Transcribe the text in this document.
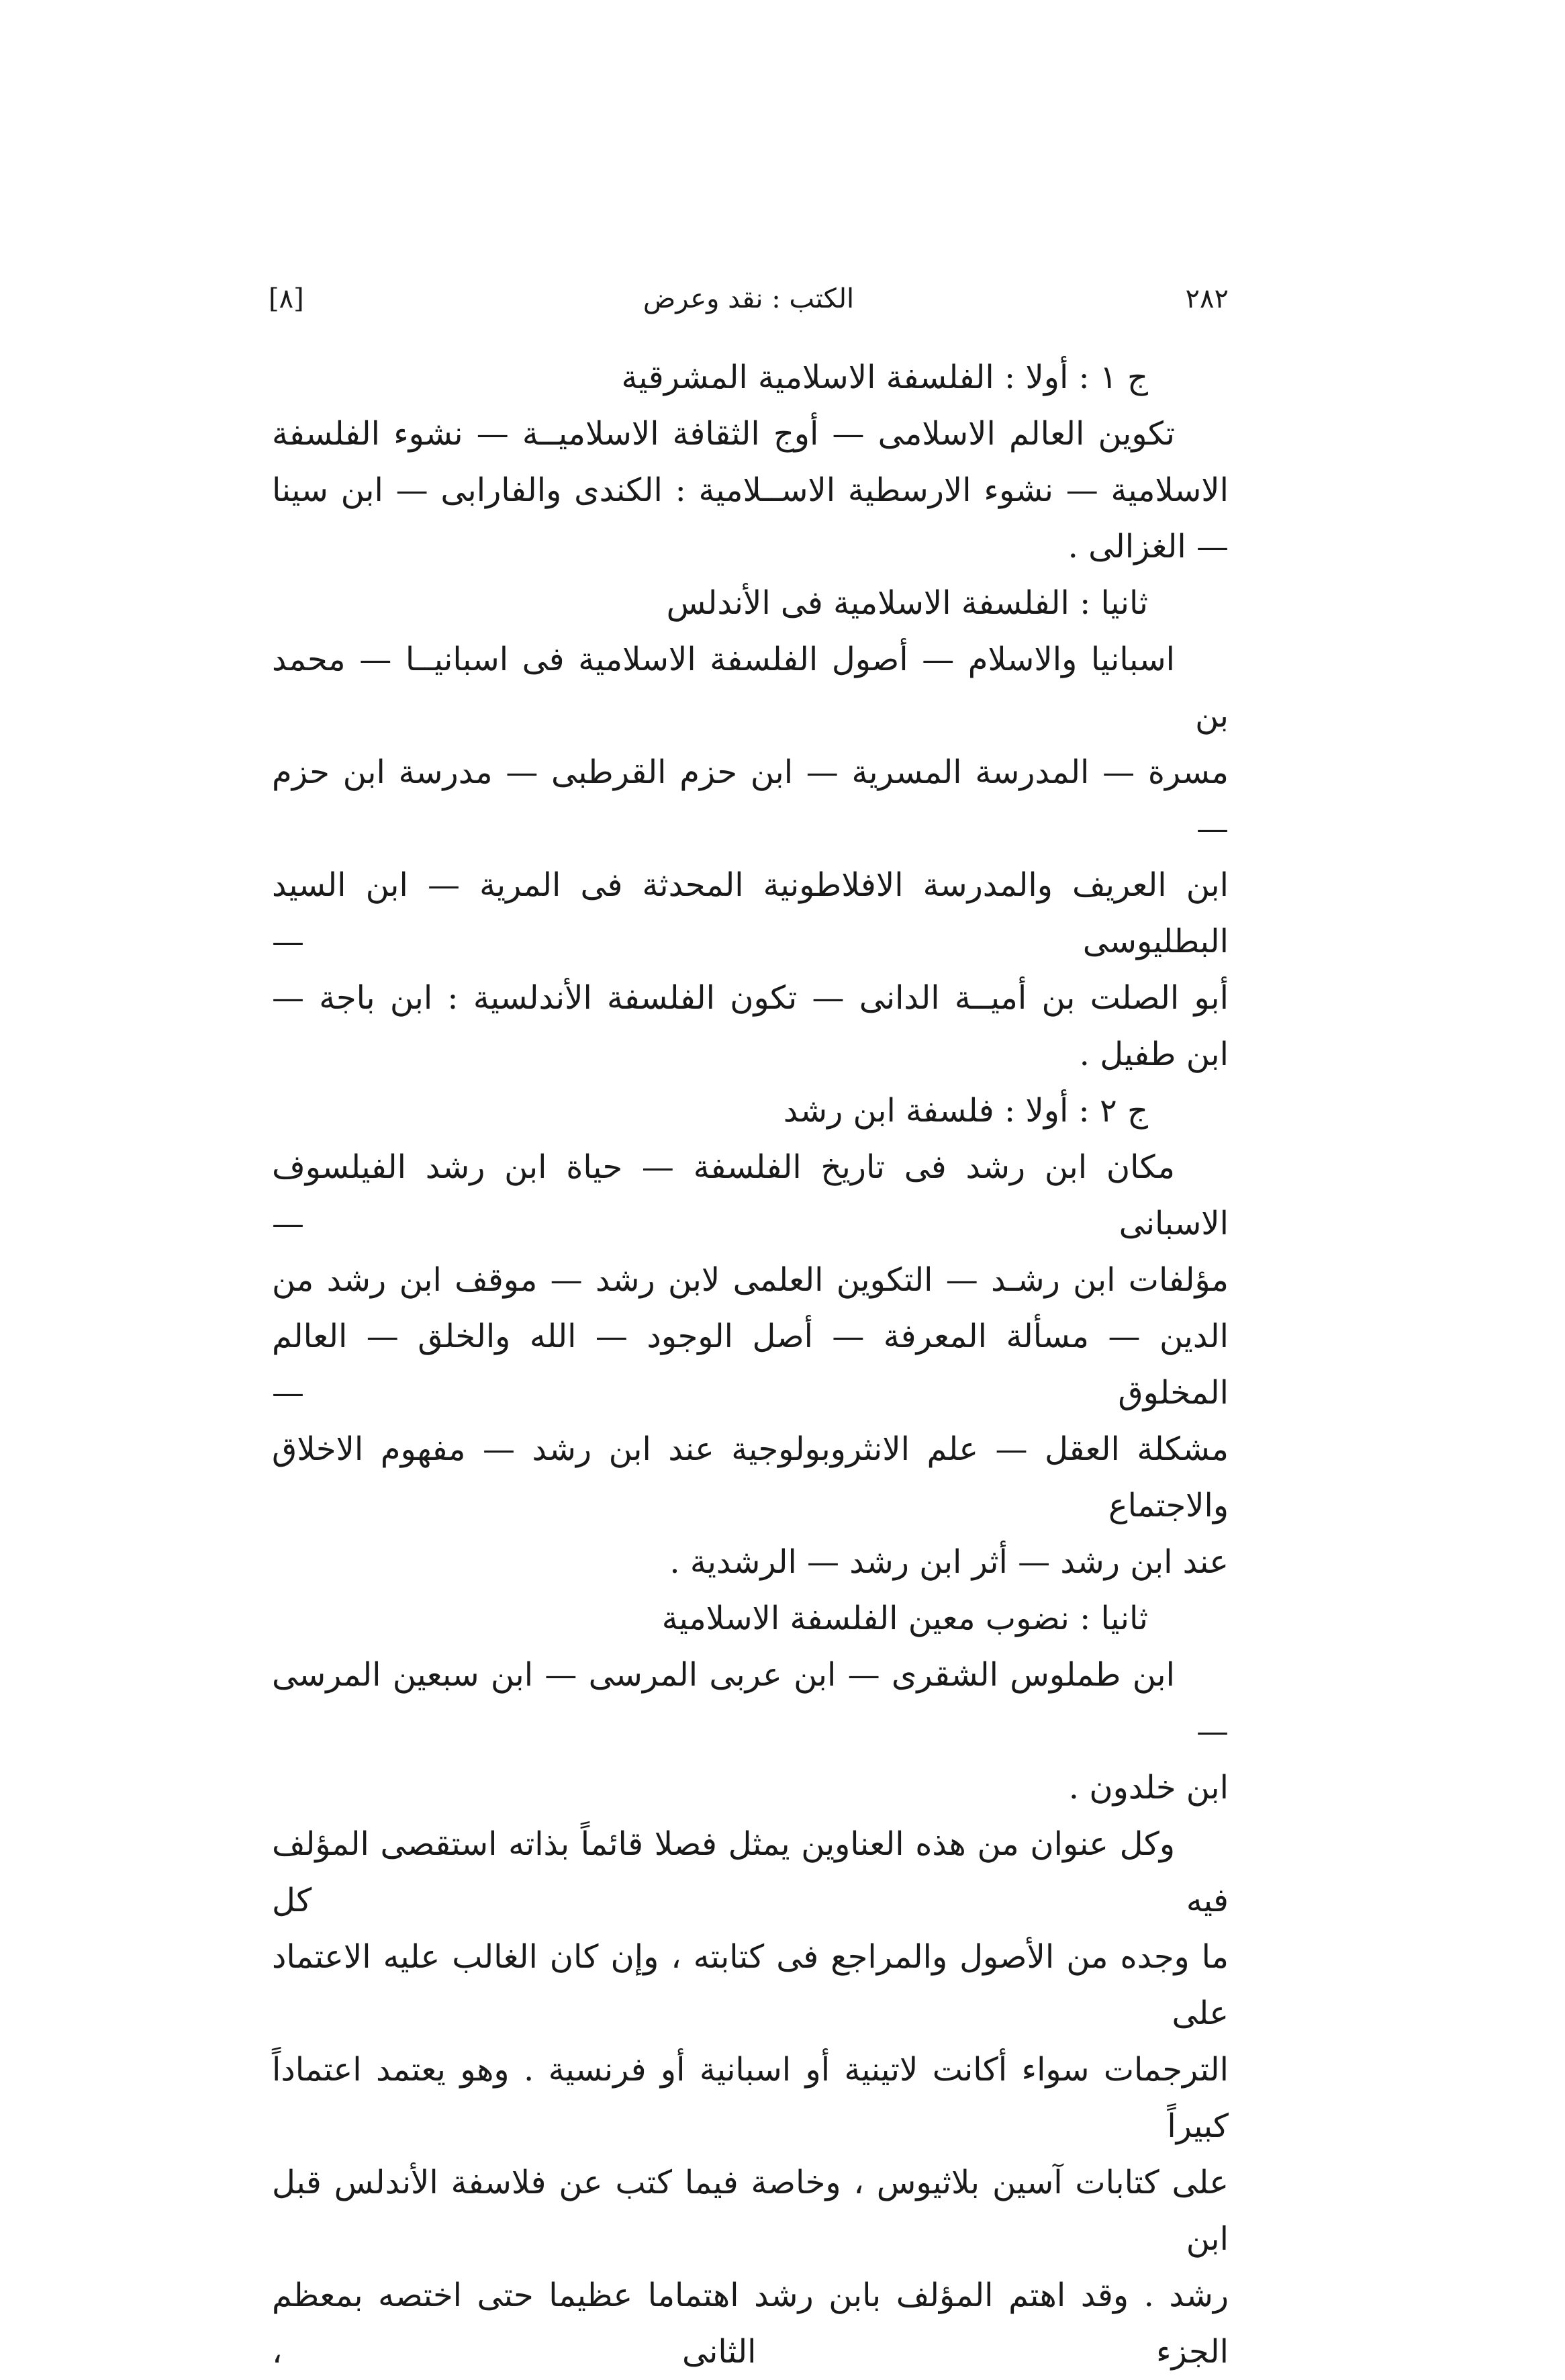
الكتب : نقد وعرض
[٨]	٢٨٢

ج ١ : أولا : الفلسفة الاسلامية المشرقية

تكوين العالم الاسلامى — أوج الثقافة الاسلاميــة — نشوء الفلسفة

الاسلامية — نشوء الارسطية الاســلامية : الكندى والفارابى — ابن سينا

— الغزالى .

ثانيا : الفلسفة الاسلامية فى الأندلس

اسبانيا والاسلام — أصول الفلسفة الاسلامية فى اسبانيــا — محمد بن

مسرة — المدرسة المسرية — ابن حزم القرطبى — مدرسة ابن حزم —

ابن العريف والمدرسة الافلاطونية المحدثة فى المرية — ابن السيد البطليوسى —

أبو الصلت بن أميــة الدانى — تكون الفلسفة الأندلسية : ابن باجة —

ابن طفيل .

ج ٢ : أولا : فلسفة ابن رشد

مكان ابن رشد فى تاريخ الفلسفة — حياة ابن رشد الفيلسوف الاسبانى —

مؤلفات ابن رشـد — التكوين العلمى لابن رشد — موقف ابن رشد من

الدين — مسألة المعرفة — أصل الوجود — الله والخلق — العالم المخلوق —

مشكلة العقل — علم الانثروبولوجية عند ابن رشد — مفهوم الاخلاق والاجتماع

عند ابن رشد — أثر ابن رشد — الرشدية .

ثانيا : نضوب معين الفلسفة الاسلامية

ابن طملوس الشقرى — ابن عربى المرسى — ابن سبعين المرسى —

ابن خلدون .

وكل عنوان من هذه العناوين يمثل فصلا قائماً بذاته استقصى المؤلف فيه كل

ما وجده من الأصول والمراجع فى كتابته ، وإن كان الغالب عليه الاعتماد على

الترجمات سواء أكانت لاتينية أو اسبانية أو فرنسية . وهو يعتمد اعتماداً كبيراً

على كتابات آسين بلاثيوس ، وخاصة فيما كتب عن فلاسفة الأندلس قبل ابن

رشد . وقد اهتم المؤلف بابن رشد اهتماما عظيما حتى اختصه بمعظم الجزء الثانى ،
